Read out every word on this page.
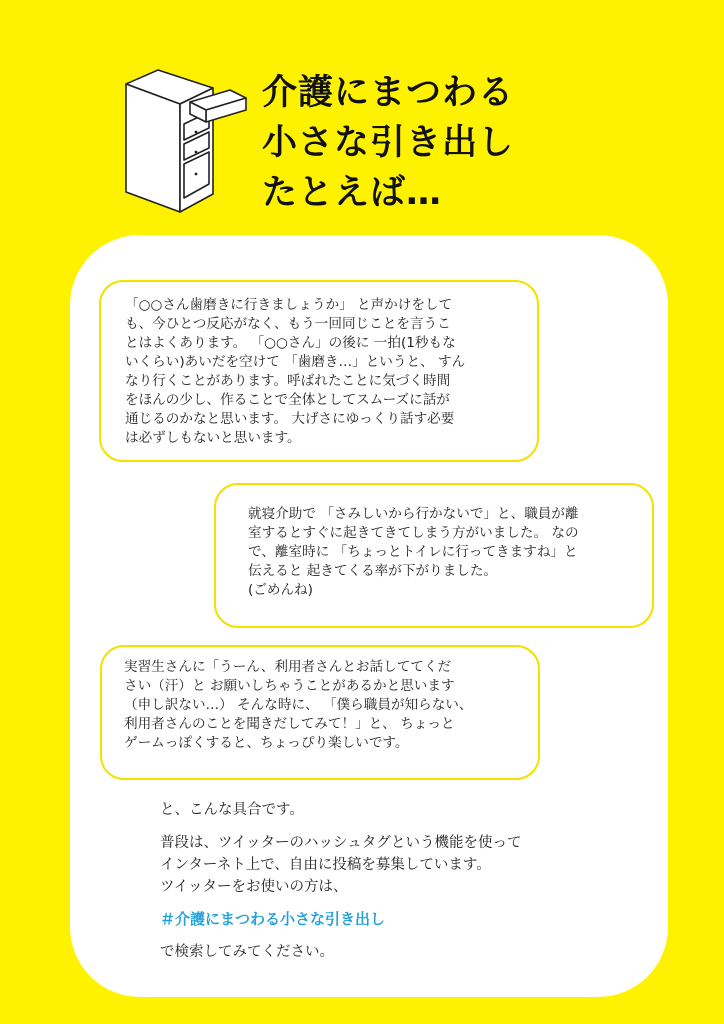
介護にまつわる
小さな引き出し
たとえば…

「○○さん歯磨きに行きましょうか」 と声かけをして
も、今ひとつ反応がなく、もう一回同じことを言うこ
とはよくあります。 「○○さん」の後に 一拍(1秒もな
いくらい)あいだを空けて 「歯磨き…」というと、 すん
なり行くことがあります。呼ばれたことに気づく時間
をほんの少し、作ることで全体としてスムーズに話が
通じるのかなと思います。 大げさにゆっくり話す必要
は必ずしもないと思います。

就寝介助で 「さみしいから行かないで」と、職員が離
室するとすぐに起きてきてしまう方がいました。 なの
で、離室時に 「ちょっとトイレに行ってきますね」と
伝えると 起きてくる率が下がりました。
(ごめんね)

実習生さんに「うーん、利用者さんとお話しててくだ
さい（汗）と お願いしちゃうことがあるかと思います
（申し訳ない…） そんな時に、 「僕ら職員が知らない、
利用者さんのことを聞きだしてみて！」と、 ちょっと
ゲームっぽくすると、ちょっぴり楽しいです。

と、こんな具合です。
普段は、ツイッターのハッシュタグという機能を使って
インターネト上で、自由に投稿を募集しています。
ツイッターをお使いの方は、
＃介護にまつわる小さな引き出し
で検索してみてください。
